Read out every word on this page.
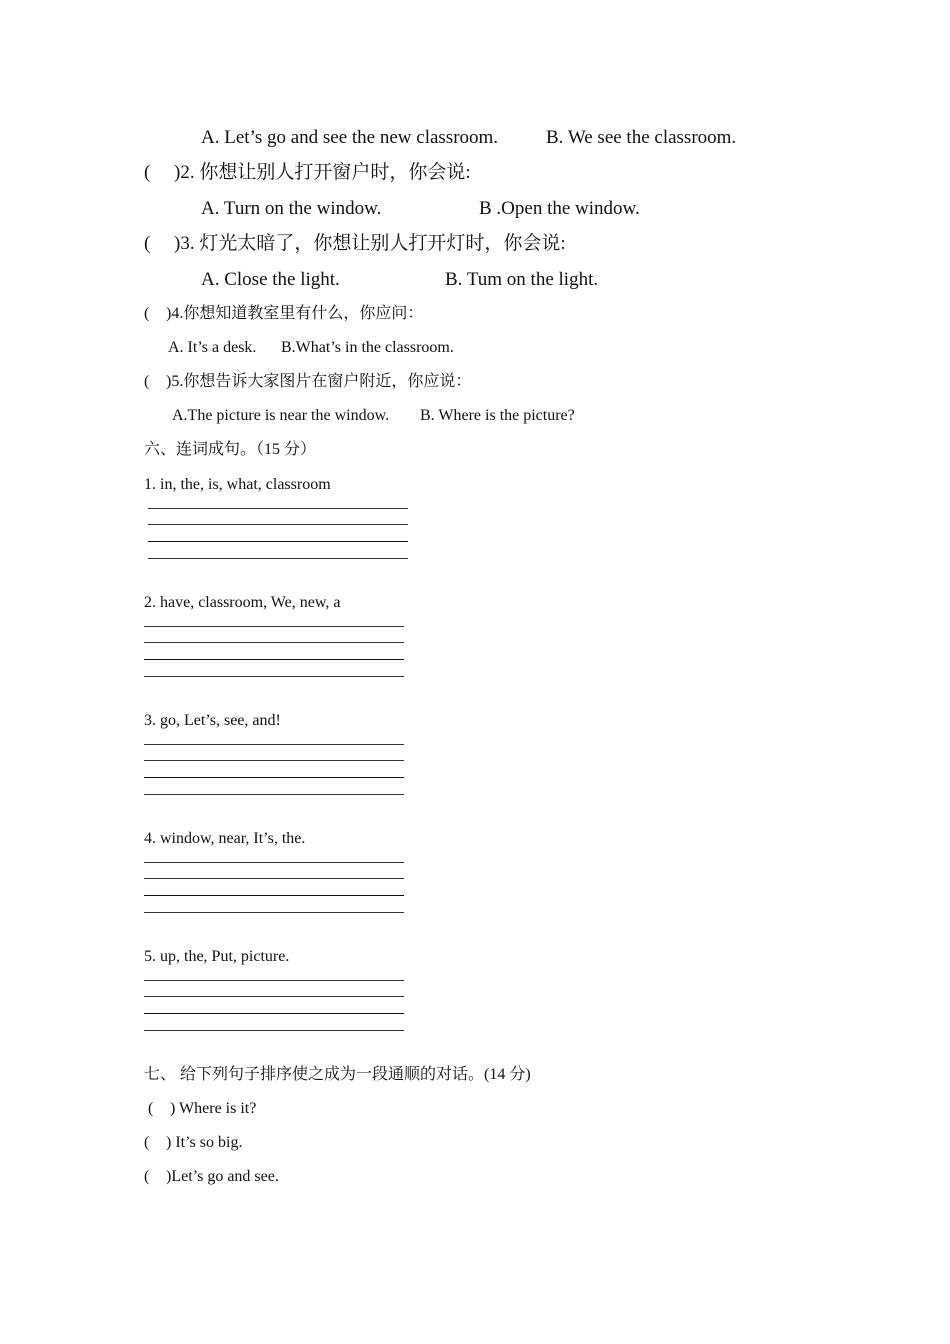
A. Let’s go and see the new classroom.	B. We see the classroom.
( )2. 你想让别人打开窗户时，你会说:
A. Turn on the window.	B .Open the window.
( )3. 灯光太暗了，你想让别人打开灯时，你会说:
A. Close the light.	B. Tum on the light.
( )4.你想知道教室里有什么，你应问：
A. It’s a desk. B.What’s in the classroom.
( )5.你想告诉大家图片在窗户附近，你应说：
A.The picture is near the window. B. Where is the picture?
六、连词成句。（15 分）
1. in, the, is, what, classroom
2. have, classroom, We, new, a
3. go, Let’s, see, and!
4. window, near, It’s, the.
5. up, the, Put, picture.
七、 给下列句子排序使之成为一段通顺的对话。(14 分)
( ) Where is it?
( ) It’s so big.
( )Let’s go and see.
